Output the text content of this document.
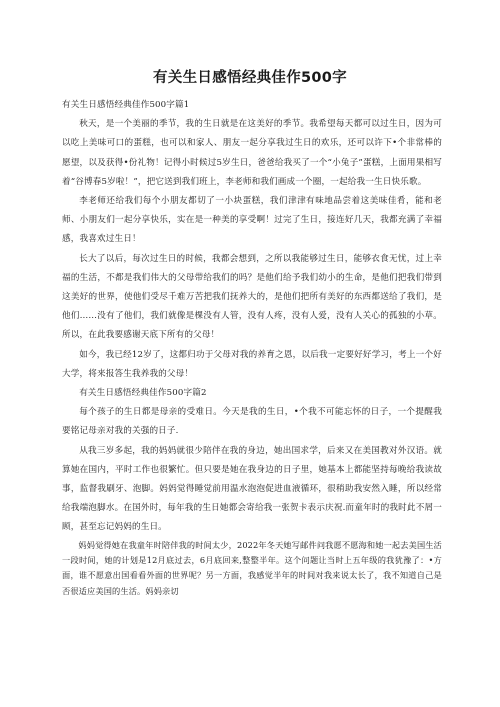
有关生日感悟经典佳作500字

有关生日感悟经典佳作500字篇1

秋天，是一个美丽的季节，我的生日就是在这美好的季节。我希望每天都可以过生日，因为可以吃上美味可口的蛋糕，也可以和家人、朋友一起分享我过生日的欢乐，还可以许下•个非常棒的愿望，以及获得•份礼物！记得小时候过5岁生日，爸爸给我买了一个“小兔子”蛋糕，上面用果相写着“谷博春5岁啦！”，把它送到我们班上，李老师和我们画成一个圈，一起给我一生日快乐歌。

李老师还给我们每个小朋友都切了一小块蛋糕，我们津津有味地品尝着这美味佳肴，能和老师、小朋友们一起分享快乐，实在是一种美的享受啊！过完了生日，接连好几天，我都充满了幸福感，我喜欢过生日！

长大了以后，每次过生日的时候，我都会想到，之所以我能够过生日，能够衣食无忧，过上幸福的生活，不都是我们伟大的父母带给我们的吗？是他们给予我们幼小的生命，是他们把我们带到这美好的世界，使他们受尽千难万苦把我们抚养大的，是他们把所有美好的东西都送给了我们，是他们……没有了他们，我们就像是棵没有人管，没有人疼，没有人爱，没有人关心的孤独的小草。所以，在此我要感谢天底下所有的父母！

如今，我已经12岁了，这都归功于父母对我的养育之恩，以后我一定要好好学习，考上一个好大学，将来报答生我养我的父母！

有关生日感悟经典佳作500字篇2

每个孩子的生日都是母亲的受难日。今天是我的生日，•个我不可能忘怀的日子，一个提醒我要铭记母亲对我的关强的日子.

从我三岁多起，我的妈妈就很少陪伴在我的身边，她出国求学，后来又在美国教对外汉语。就算她在国内，平时工作也很繁忙。但只要是她在我身边的日子里，她基本上都能坚持每晚给我读故事，监督我刷牙、泡脚。妈妈觉得睡觉前用温水泡泡促进血液循环，很稍助我安然入睡，所以经常给我端泡脚水。在国外时，每年我的生日她都会寄给我一张贺卡表示庆祝.而童年时的我时此不屑一顾，甚至忘记妈妈的生日。

妈妈觉得她在我童年时陪伴我的时间太少，2022年冬天她写邮件问我愿不愿海和她一起去美国生活一段时间，她的计划是12月底过去，6月底回来,整整半年。这个问题让当时上五年级的我犹豫了：•方面，谁不愿意出国看看外面的世界呢？另一方面，我感觉半年的时间对我来说太长了，我不知道自己是否很适应美国的生活。妈妈亲切
